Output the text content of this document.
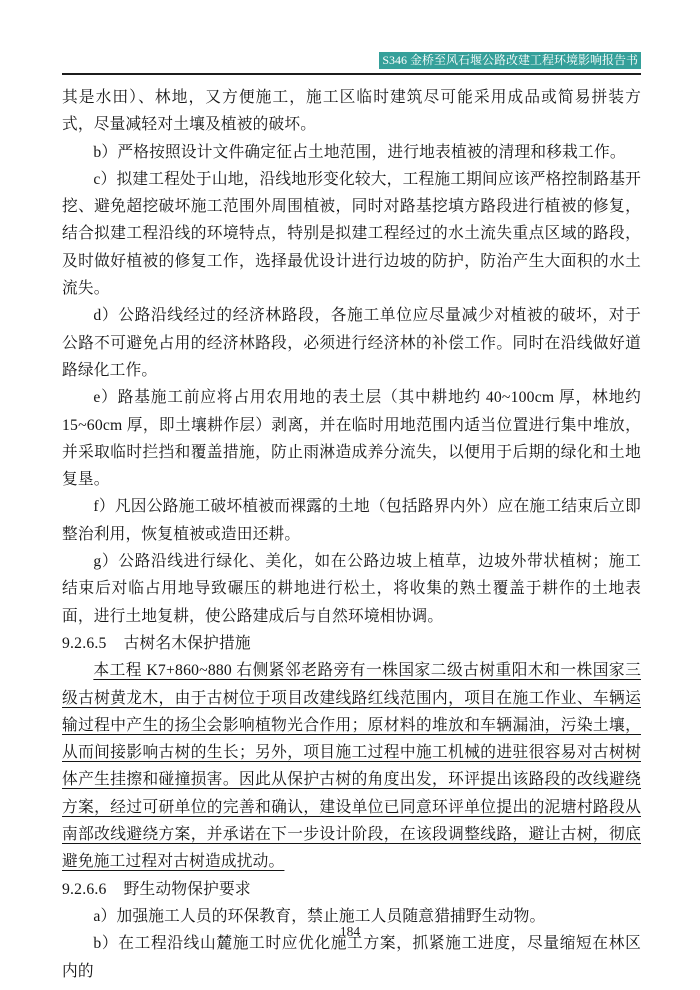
S346 金桥至风石堰公路改建工程环境影响报告书

其是水田）、林地，又方便施工，施工区临时建筑尽可能采用成品或简易拼装方式，尽量减轻对土壤及植被的破坏。

b）严格按照设计文件确定征占土地范围，进行地表植被的清理和移栽工作。

c）拟建工程处于山地，沿线地形变化较大，工程施工期间应该严格控制路基开挖、避免超挖破坏施工范围外周围植被，同时对路基挖填方路段进行植被的修复，结合拟建工程沿线的环境特点，特别是拟建工程经过的水土流失重点区域的路段，及时做好植被的修复工作，选择最优设计进行边坡的防护，防治产生大面积的水土流失。

d）公路沿线经过的经济林路段，各施工单位应尽量减少对植被的破坏，对于公路不可避免占用的经济林路段，必须进行经济林的补偿工作。同时在沿线做好道路绿化工作。

e）路基施工前应将占用农用地的表土层（其中耕地约 40~100cm 厚，林地约 15~60cm 厚，即土壤耕作层）剥离，并在临时用地范围内适当位置进行集中堆放，并采取临时拦挡和覆盖措施，防止雨淋造成养分流失，以便用于后期的绿化和土地复垦。

f）凡因公路施工破坏植被而裸露的土地（包括路界内外）应在施工结束后立即整治利用，恢复植被或造田还耕。

g）公路沿线进行绿化、美化，如在公路边坡上植草，边坡外带状植树；施工结束后对临占用地导致碾压的耕地进行松土，将收集的熟土覆盖于耕作的土地表面，进行土地复耕，使公路建成后与自然环境相协调。

9.2.6.5 古树名木保护措施

本工程 K7+860~880 右侧紧邻老路旁有一株国家二级古树重阳木和一株国家三级古树黄龙木，由于古树位于项目改建线路红线范围内，项目在施工作业、车辆运输过程中产生的扬尘会影响植物光合作用；原材料的堆放和车辆漏油，污染土壤，从而间接影响古树的生长；另外，项目施工过程中施工机械的进驻很容易对古树树体产生挂擦和碰撞损害。因此从保护古树的角度出发，环评提出该路段的改线避绕方案，经过可研单位的完善和确认，建设单位已同意环评单位提出的泥塘村路段从南部改线避绕方案，并承诺在下一步设计阶段，在该段调整线路，避让古树，彻底避免施工过程对古树造成扰动。

9.2.6.6 野生动物保护要求

a）加强施工人员的环保教育，禁止施工人员随意猎捕野生动物。

b）在工程沿线山麓施工时应优化施工方案，抓紧施工进度，尽量缩短在林区内的

184
